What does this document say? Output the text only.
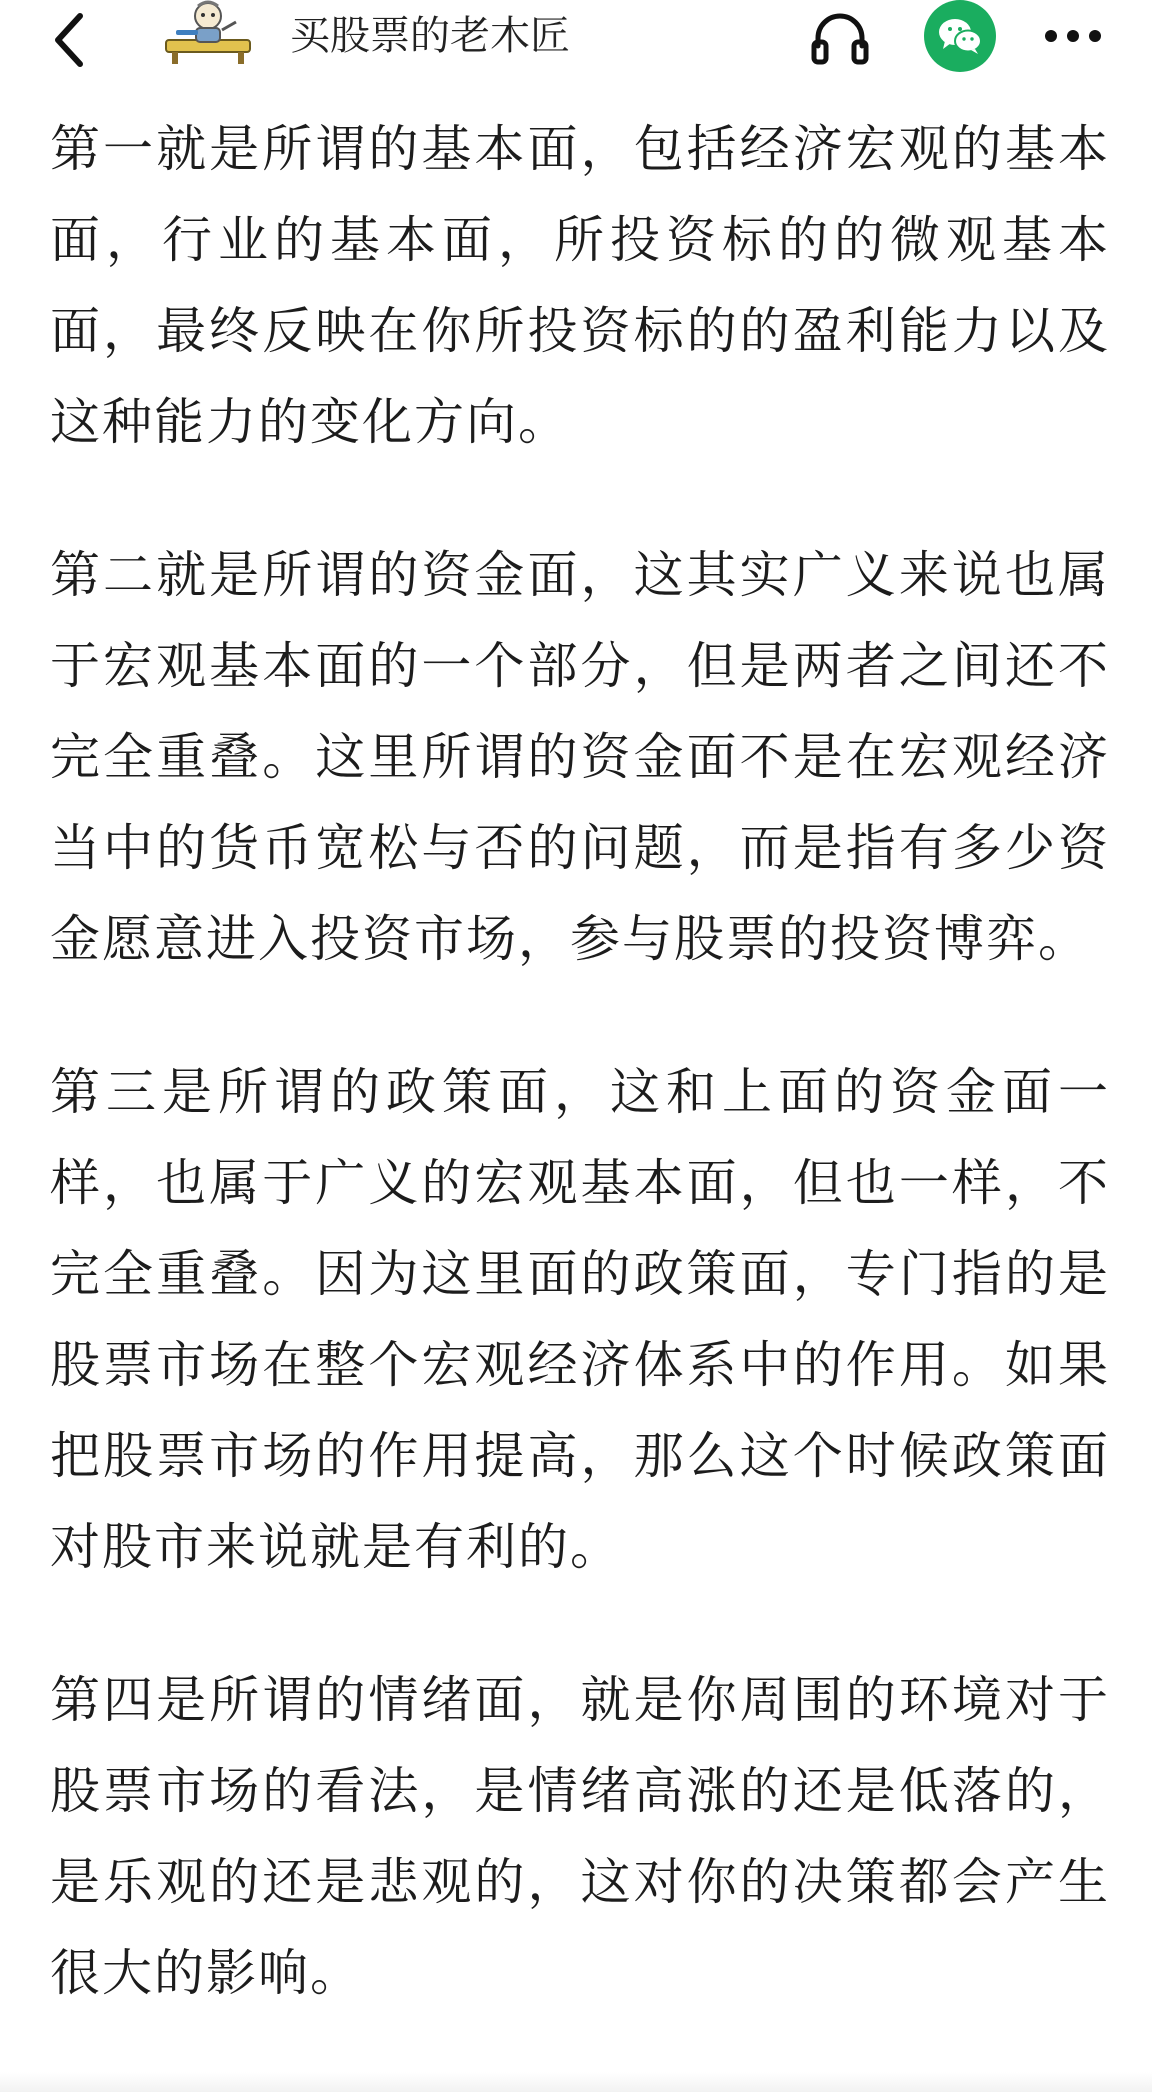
买股票的老木匠

第一就是所谓的基本面，包括经济宏观的基本面，行业的基本面，所投资标的的微观基本面，最终反映在你所投资标的的盈利能力以及这种能力的变化方向。

第二就是所谓的资金面，这其实广义来说也属于宏观基本面的一个部分，但是两者之间还不完全重叠。这里所谓的资金面不是在宏观经济当中的货币宽松与否的问题，而是指有多少资金愿意进入投资市场，参与股票的投资博弈。

第三是所谓的政策面，这和上面的资金面一样，也属于广义的宏观基本面，但也一样，不完全重叠。因为这里面的政策面，专门指的是股票市场在整个宏观经济体系中的作用。如果把股票市场的作用提高，那么这个时候政策面对股市来说就是有利的。

第四是所谓的情绪面，就是你周围的环境对于股票市场的看法，是情绪高涨的还是低落的，是乐观的还是悲观的，这对你的决策都会产生很大的影响。
